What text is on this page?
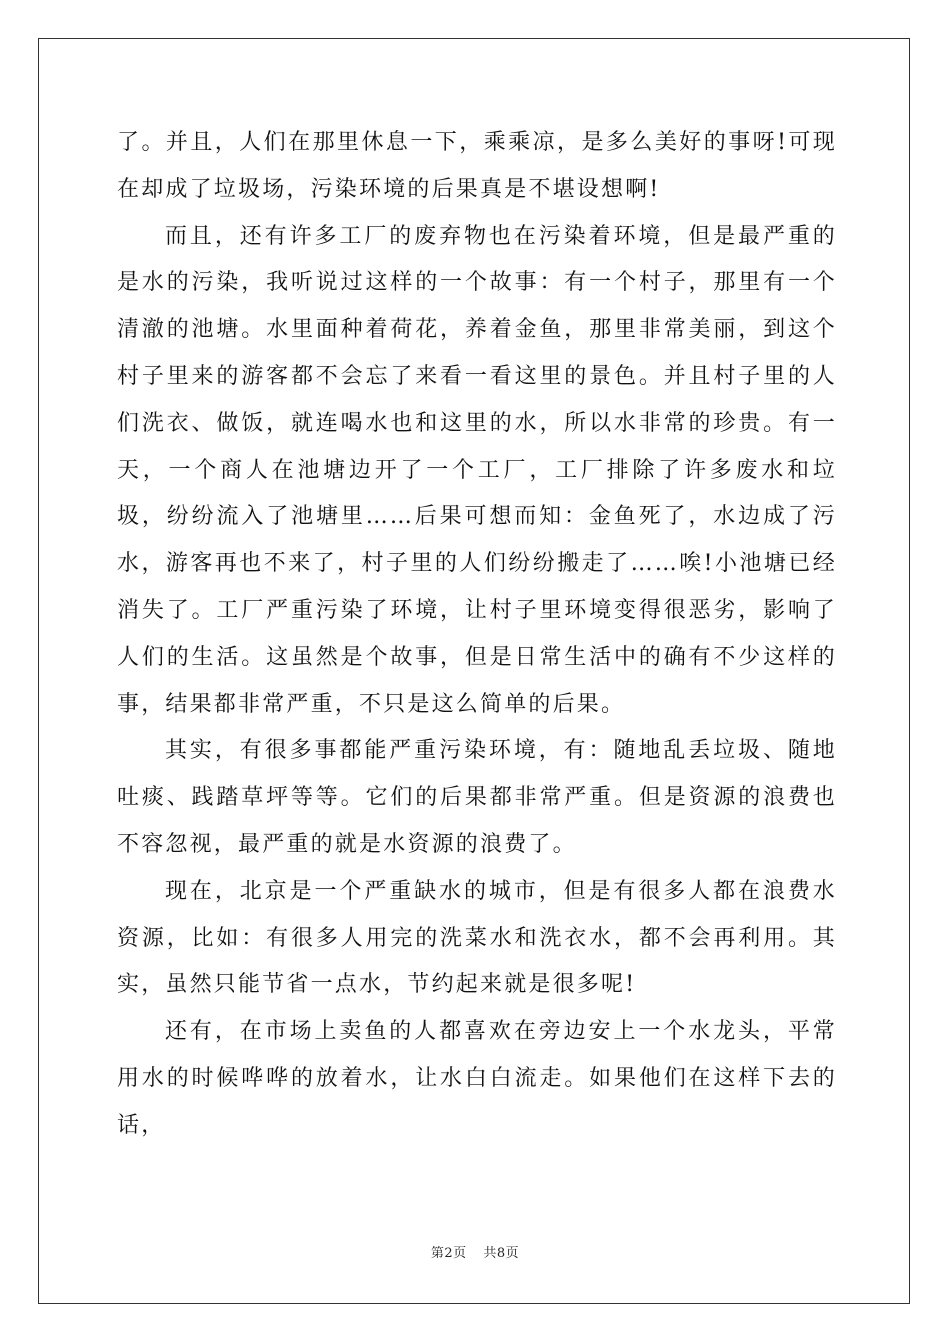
了。并且，人们在那里休息一下，乘乘凉，是多么美好的事呀!可现在却成了垃圾场，污染环境的后果真是不堪设想啊!

而且，还有许多工厂的废弃物也在污染着环境，但是最严重的是水的污染，我听说过这样的一个故事：有一个村子，那里有一个清澈的池塘。水里面种着荷花，养着金鱼，那里非常美丽，到这个村子里来的游客都不会忘了来看一看这里的景色。并且村子里的人们洗衣、做饭，就连喝水也和这里的水，所以水非常的珍贵。有一天，一个商人在池塘边开了一个工厂，工厂排除了许多废水和垃圾，纷纷流入了池塘里……后果可想而知：金鱼死了，水边成了污水，游客再也不来了，村子里的人们纷纷搬走了……唉!小池塘已经消失了。工厂严重污染了环境，让村子里环境变得很恶劣，影响了人们的生活。这虽然是个故事，但是日常生活中的确有不少这样的事，结果都非常严重，不只是这么简单的后果。

其实，有很多事都能严重污染环境，有：随地乱丢垃圾、随地吐痰、践踏草坪等等。它们的后果都非常严重。但是资源的浪费也不容忽视，最严重的就是水资源的浪费了。

现在，北京是一个严重缺水的城市，但是有很多人都在浪费水资源，比如：有很多人用完的洗菜水和洗衣水，都不会再利用。其实，虽然只能节省一点水，节约起来就是很多呢!

还有，在市场上卖鱼的人都喜欢在旁边安上一个水龙头，平常用水的时候哗哗的放着水，让水白白流走。如果他们在这样下去的话，

第2页 共8页
